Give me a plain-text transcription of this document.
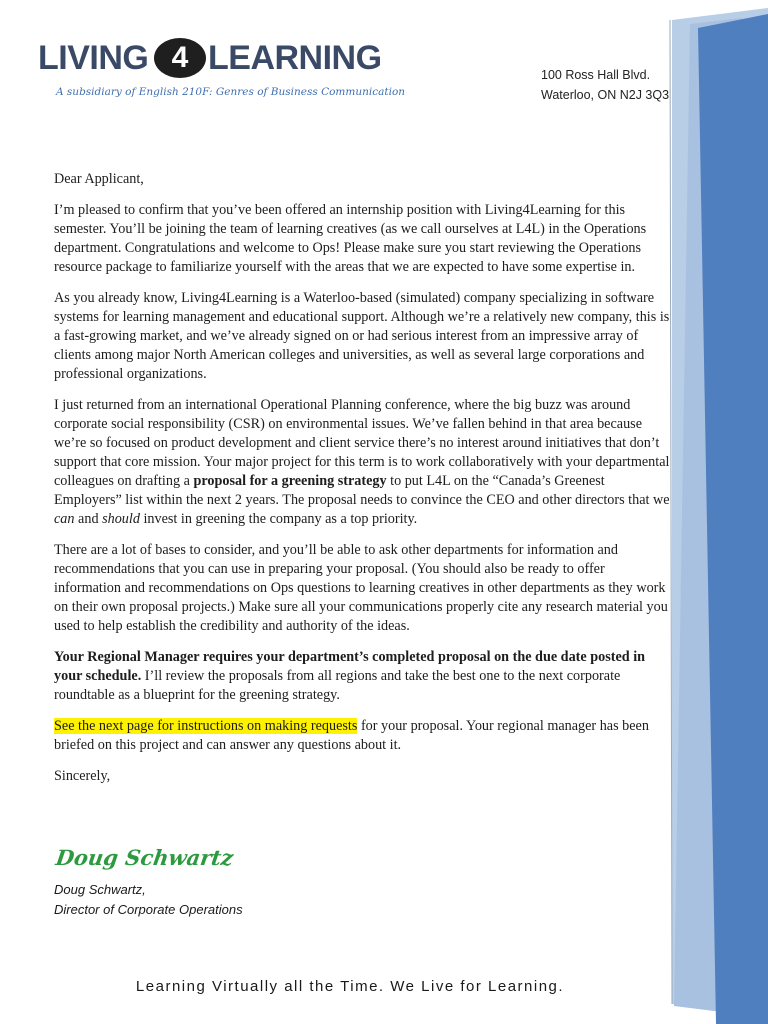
LIVING 4 LEARNING
A subsidiary of English 210F: Genres of Business Communication
100 Ross Hall Blvd.
Waterloo, ON N2J 3Q3

Dear Applicant,

I’m pleased to confirm that you’ve been offered an internship position with Living4Learning for this semester. You’ll be joining the team of learning creatives (as we call ourselves at L4L) in the Operations department. Congratulations and welcome to Ops! Please make sure you start reviewing the Operations resource package to familiarize yourself with the areas that we are expected to have some expertise in.

As you already know, Living4Learning is a Waterloo-based (simulated) company specializing in software systems for learning management and educational support. Although we’re a relatively new company, this is a fast-growing market, and we’ve already signed on or had serious interest from an impressive array of clients among major North American colleges and universities, as well as several large corporations and professional organizations.

I just returned from an international Operational Planning conference, where the big buzz was around corporate social responsibility (CSR) on environmental issues. We’ve fallen behind in that area because we’re so focused on product development and client service there’s no interest around initiatives that don’t support that core mission. Your major project for this term is to work collaboratively with your departmental colleagues on drafting a proposal for a greening strategy to put L4L on the “Canada’s Greenest Employers” list within the next 2 years. The proposal needs to convince the CEO and other directors that we can and should invest in greening the company as a top priority.

There are a lot of bases to consider, and you’ll be able to ask other departments for information and recommendations that you can use in preparing your proposal. (You should also be ready to offer information and recommendations on Ops questions to learning creatives in other departments as they work on their own proposal projects.) Make sure all your communications properly cite any research material you used to help establish the credibility and authority of the ideas.

Your Regional Manager requires your department’s completed proposal on the due date posted in your schedule. I’ll review the proposals from all regions and take the best one to the next corporate roundtable as a blueprint for the greening strategy.

See the next page for instructions on making requests for your proposal. Your regional manager has been briefed on this project and can answer any questions about it.

Sincerely,

Doug Schwartz
Doug Schwartz,
Director of Corporate Operations
Learning Virtually all the Time. We Live for Learning.
